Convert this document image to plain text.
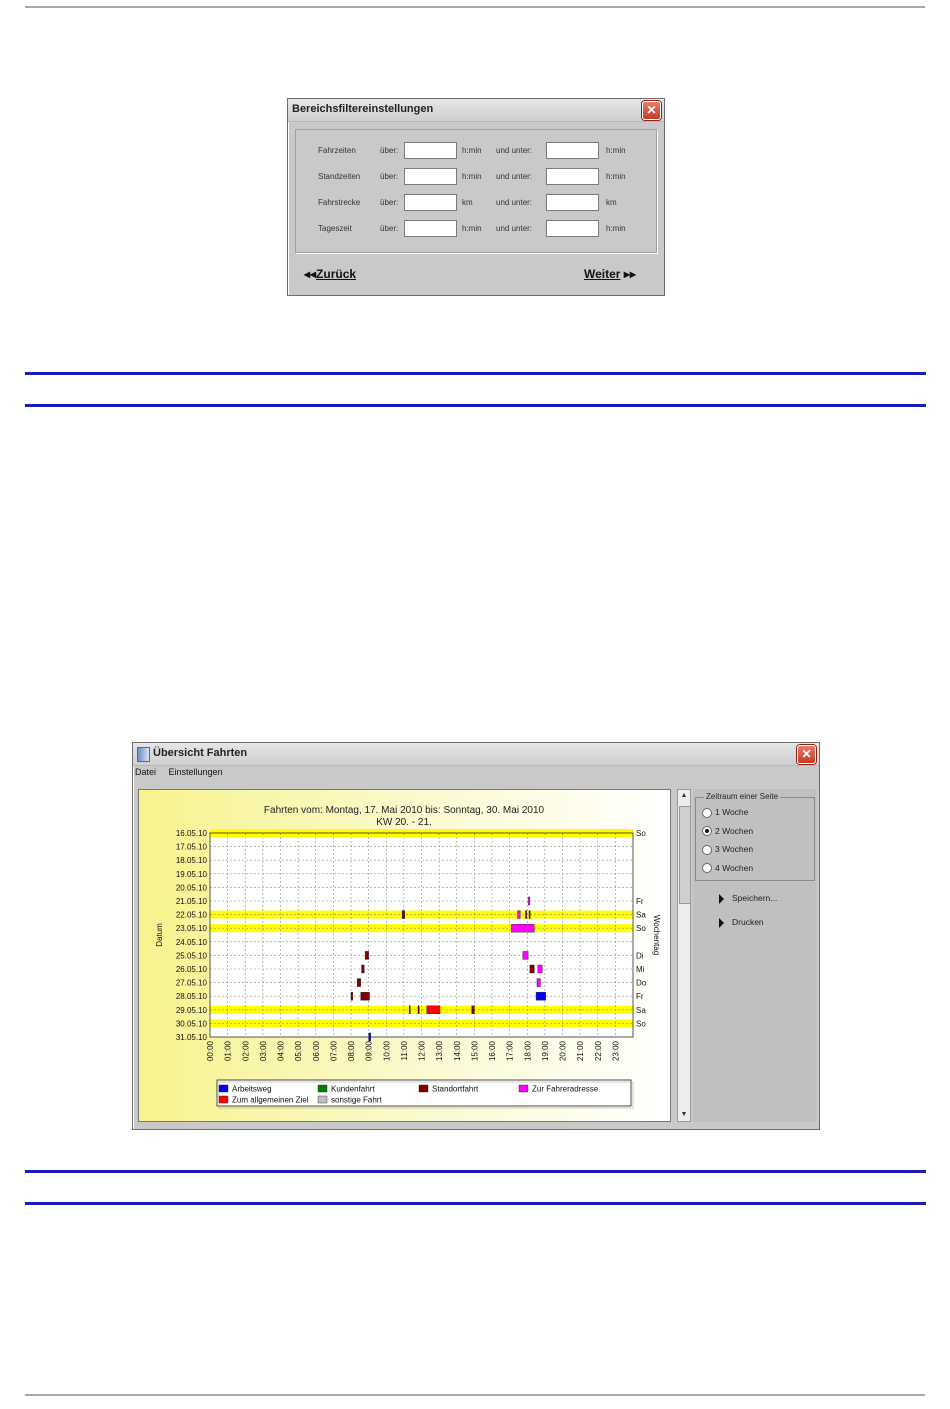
Bereichsfiltereinstellungen	✕
Fahrzeiten	über:	h:min und unter:	h:min
Standzeiten über:	h:min und unter:	h:min
Fahrstrecke über:	km	und unter:	km
Tageszeit	über:	h:min und unter:	h:min
◂◂Zurück	Weiter ▸▸
Übersicht Fahrten	✕
Datei Einstellungen
Fahrten vom: Montag, 17. Mai 2010 bis: Sonntag, 30. Mai 2010
KW 20. - 21.
16.05.10
17.05.10
18.05.10
19.05.10
20.05.10
21.05.10
22.05.10
23.05.10
24.05.10
25.05.10
26.05.10
27.05.10
28.05.10
29.05.10
30.05.10
31.05.10
So
Fr
Sa
So
Di
Mi
Do
Fr
Sa
So
00:00 01:00 02:00 03:00 04:00 05:00 06:00 07:00 08:00 09:00 10:00 11:00 12:00 13:00 14:00 15:00 16:00 17:00 18:00 19:00 20:00 21:00 22:00 23:00
Datum	Wochentag
Arbeitsweg	Kundenfahrt	Standortfahrt	Zur Fahreradresse
Zum allgemeinen Ziel	sonstige Fahrt
▲
▼
Zeitraum einer Seite
1 Woche
2 Wochen
3 Wochen
4 Wochen
Speichern...
Drucken
